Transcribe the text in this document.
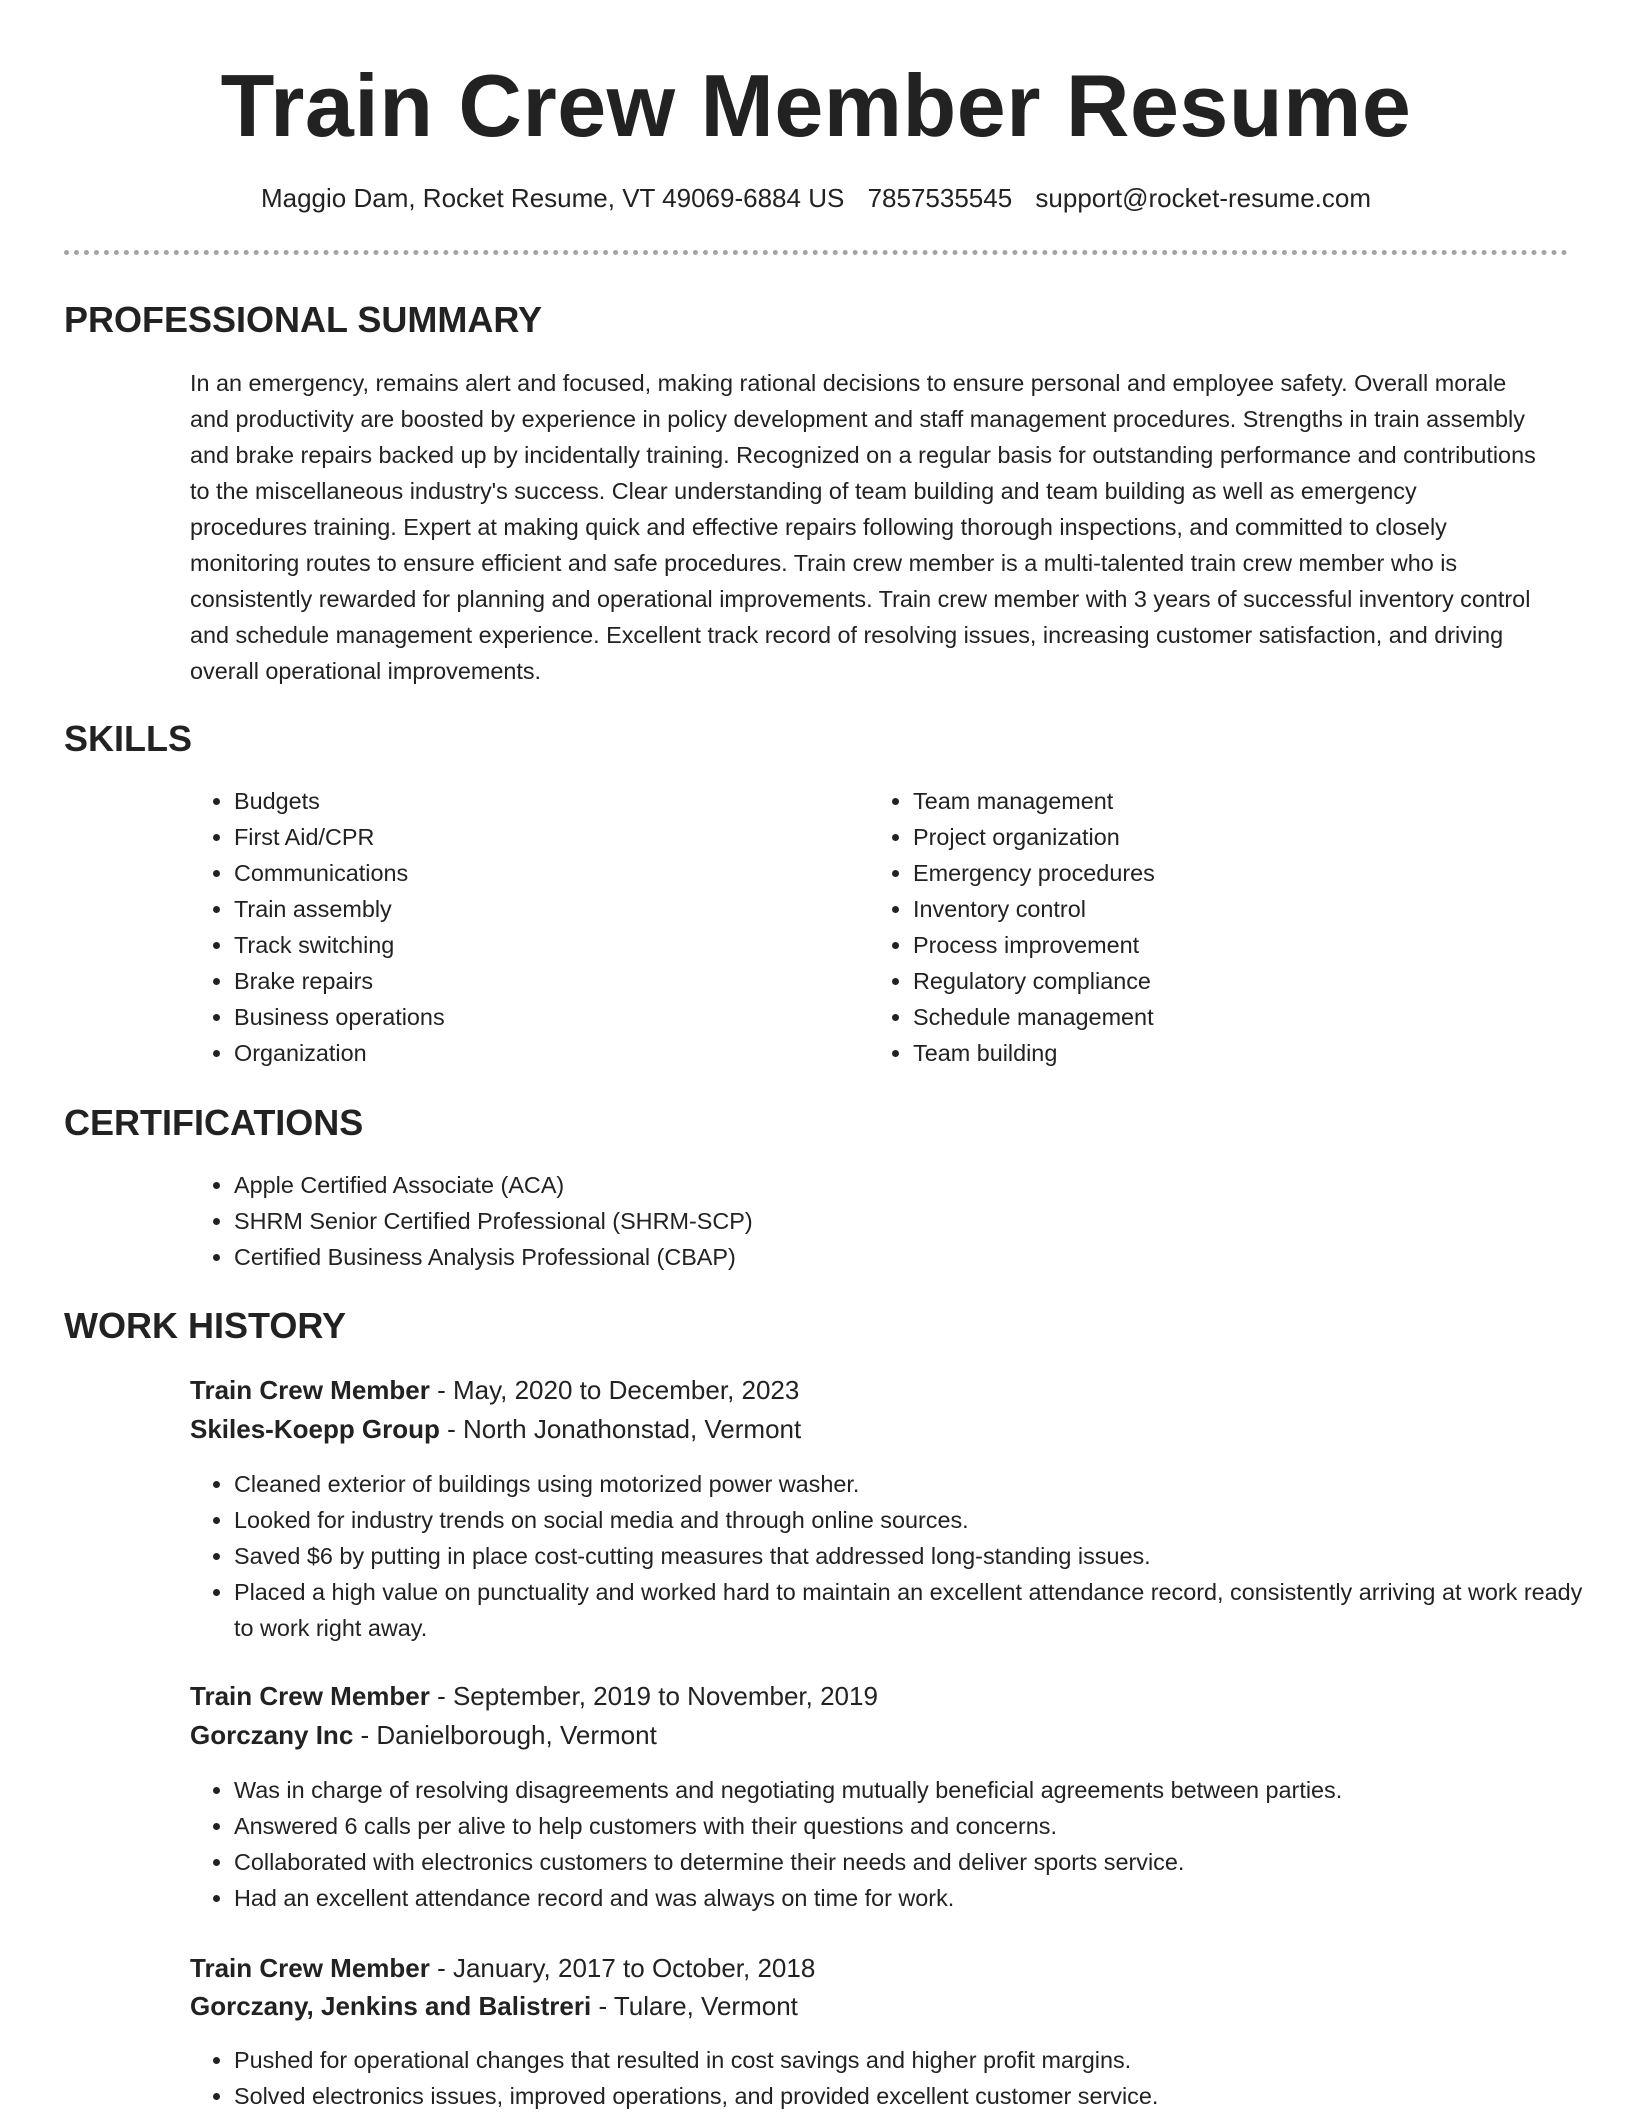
Train Crew Member Resume
Maggio Dam, Rocket Resume, VT 49069-6884 US 7857535545 support@rocket-resume.com
PROFESSIONAL SUMMARY

In an emergency, remains alert and focused, making rational decisions to ensure personal and employee safety. Overall morale and productivity are boosted by experience in policy development and staff management procedures. Strengths in train assembly and brake repairs backed up by incidentally training. Recognized on a regular basis for outstanding performance and contributions to the miscellaneous industry's success. Clear understanding of team building and team building as well as emergency procedures training. Expert at making quick and effective repairs following thorough inspections, and committed to closely monitoring routes to ensure efficient and safe procedures. Train crew member is a multi-talented train crew member who is consistently rewarded for planning and operational improvements. Train crew member with 3 years of successful inventory control and schedule management experience. Excellent track record of resolving issues, increasing customer satisfaction, and driving overall operational improvements.

SKILLS
• Budgets
• First Aid/CPR
• Communications
• Train assembly
• Track switching
• Brake repairs
• Business operations
• Organization
• Team management
• Project organization
• Emergency procedures
• Inventory control
• Process improvement
• Regulatory compliance
• Schedule management
• Team building
CERTIFICATIONS
• Apple Certified Associate (ACA)
• SHRM Senior Certified Professional (SHRM-SCP)
• Certified Business Analysis Professional (CBAP)
WORK HISTORY
Train Crew Member - May, 2020 to December, 2023
Skiles-Koepp Group - North Jonathonstad, Vermont
• Cleaned exterior of buildings using motorized power washer.
• Looked for industry trends on social media and through online sources.
• Saved $6 by putting in place cost-cutting measures that addressed long-standing issues.
• Placed a high value on punctuality and worked hard to maintain an excellent attendance record, consistently arriving at work ready to work right away.
Train Crew Member - September, 2019 to November, 2019
Gorczany Inc - Danielborough, Vermont
• Was in charge of resolving disagreements and negotiating mutually beneficial agreements between parties.
• Answered 6 calls per alive to help customers with their questions and concerns.
• Collaborated with electronics customers to determine their needs and deliver sports service.
• Had an excellent attendance record and was always on time for work.
Train Crew Member - January, 2017 to October, 2018
Gorczany, Jenkins and Balistreri - Tulare, Vermont
• Pushed for operational changes that resulted in cost savings and higher profit margins.
• Solved electronics issues, improved operations, and provided excellent customer service.
